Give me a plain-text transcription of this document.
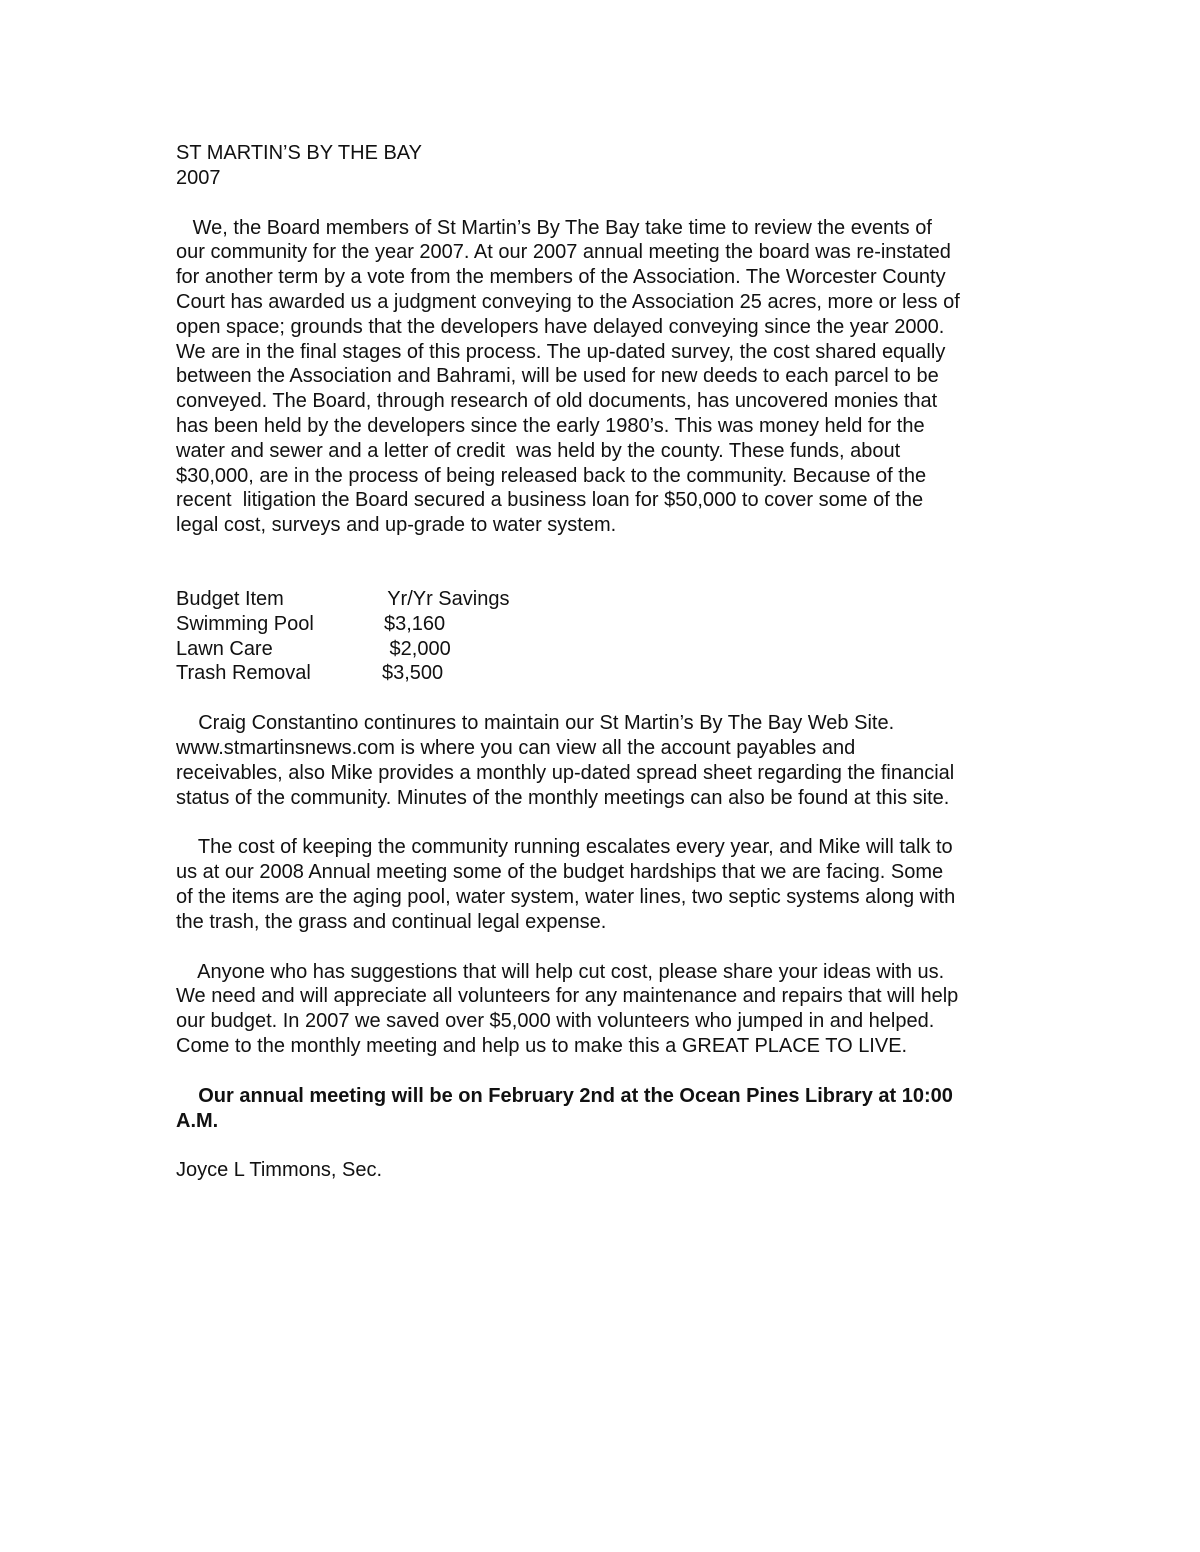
ST MARTIN’S BY THE BAY
2007
We, the Board members of St Martin’s By The Bay take time to review the events of
our community for the year 2007. At our 2007 annual meeting the board was re-instated
for another term by a vote from the members of the Association. The Worcester County
Court has awarded us a judgment conveying to the Association 25 acres, more or less of
open space; grounds that the developers have delayed conveying since the year 2000.
We are in the final stages of this process. The up-dated survey, the cost shared equally
between the Association and Bahrami, will be used for new deeds to each parcel to be
conveyed. The Board, through research of old documents, has uncovered monies that
has been held by the developers since the early 1980’s. This was money held for the
water and sewer and a letter of credit  was held by the county. These funds, about
$30,000, are in the process of being released back to the community. Because of the
recent  litigation the Board secured a business loan for $50,000 to cover some of the
legal cost, surveys and up-grade to water system.
Budget Item	Yr/Yr Savings
Swimming Pool	$3,160
Lawn Care	$2,000
Trash Removal	$3,500
Craig Constantino continures to maintain our St Martin’s By The Bay Web Site.
www.stmartinsnews.com is where you can view all the account payables and
receivables, also Mike provides a monthly up-dated spread sheet regarding the financial
status of the community. Minutes of the monthly meetings can also be found at this site.
The cost of keeping the community running escalates every year, and Mike will talk to
us at our 2008 Annual meeting some of the budget hardships that we are facing. Some
of the items are the aging pool, water system, water lines, two septic systems along with
the trash, the grass and continual legal expense.
Anyone who has suggestions that will help cut cost, please share your ideas with us.
We need and will appreciate all volunteers for any maintenance and repairs that will help
our budget. In 2007 we saved over $5,000 with volunteers who jumped in and helped.
Come to the monthly meeting and help us to make this a GREAT PLACE TO LIVE.
Our annual meeting will be on February 2nd at the Ocean Pines Library at 10:00
A.M.
Joyce L Timmons, Sec.
